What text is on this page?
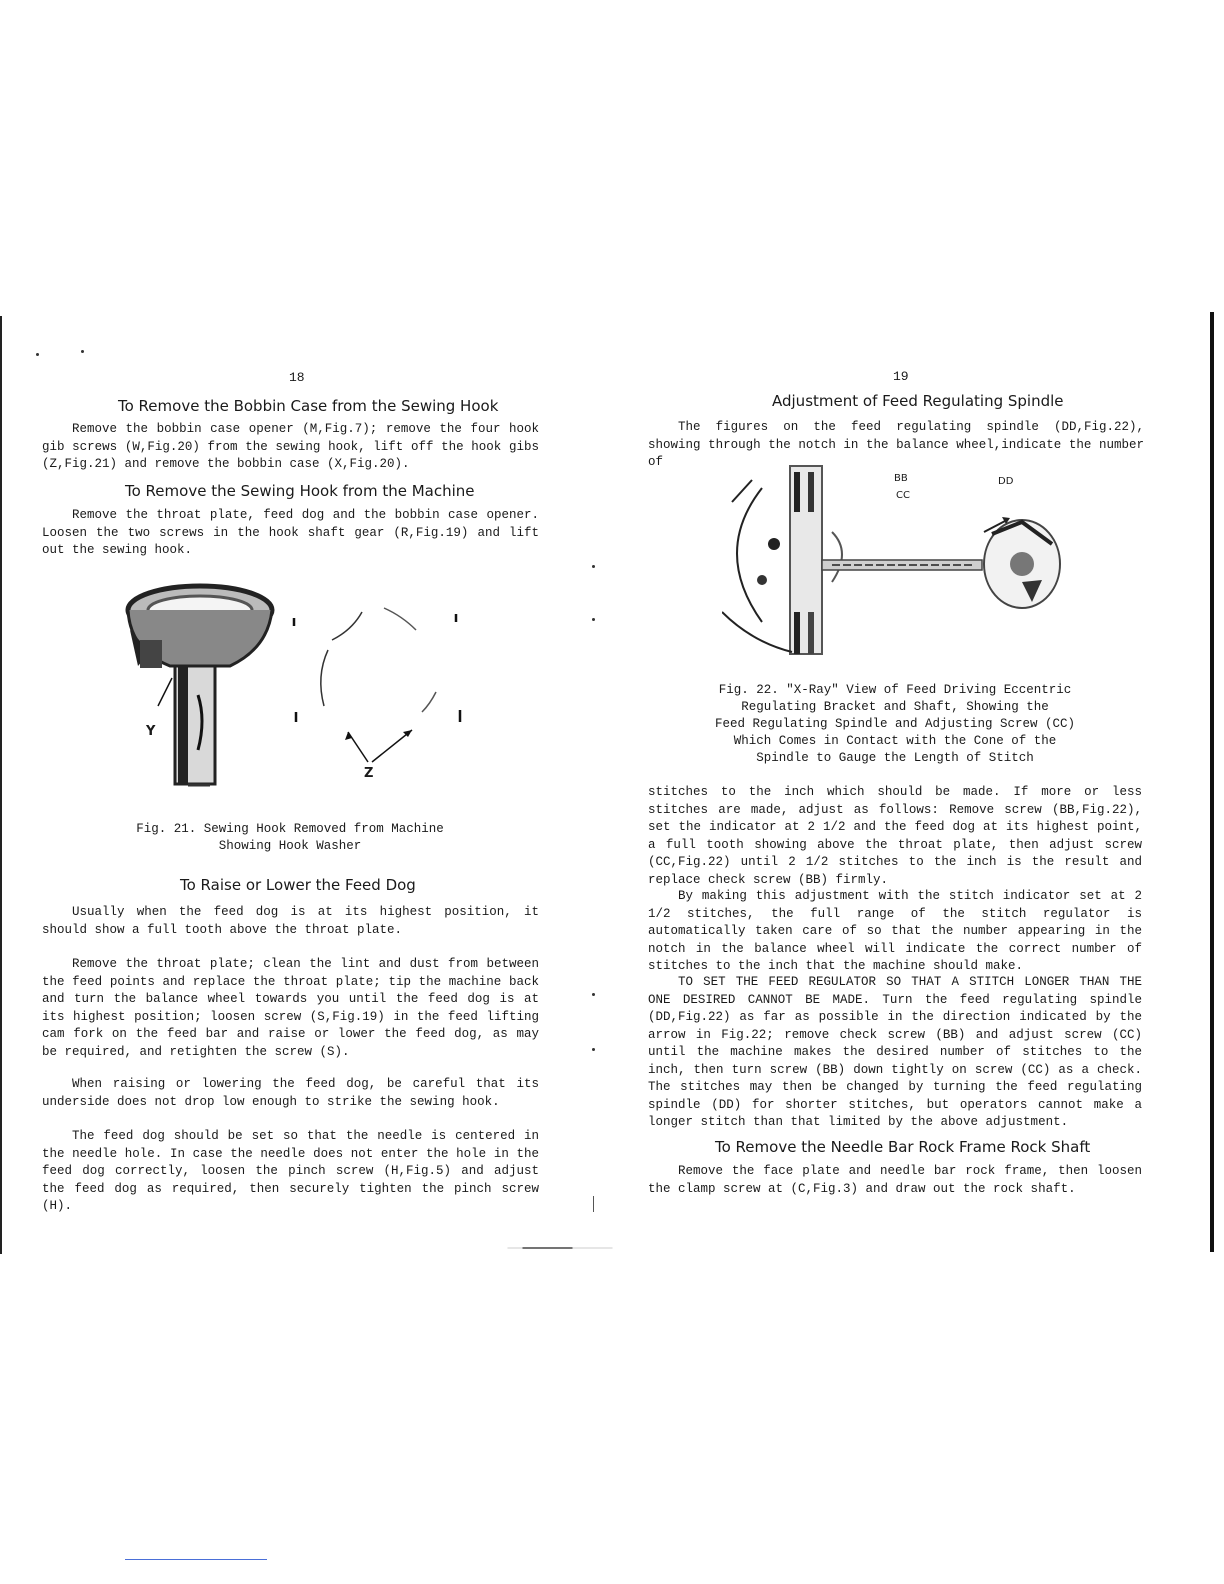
18
To Remove the Bobbin Case from the Sewing Hook

Remove the bobbin case opener (M,Fig.7); remove the four hook gib screws (W,Fig.20) from the sewing hook, lift off the hook gibs (Z,Fig.21) and remove the bobbin case (X,Fig.20).

To Remove the Sewing Hook from the Machine

Remove the throat plate, feed dog and the bobbin case opener. Loosen the two screws in the hook shaft gear (R,Fig.19) and lift out the sewing hook.

Y
Z
Fig. 21. Sewing Hook Removed from Machine
Showing Hook Washer
To Raise or Lower the Feed Dog

Usually when the feed dog is at its highest position, it should show a full tooth above the throat plate.

Remove the throat plate; clean the lint and dust from between the feed points and replace the throat plate; tip the machine back and turn the balance wheel towards you until the feed dog is at its highest position; loosen screw (S,Fig.19) in the feed lifting cam fork on the feed bar and raise or lower the feed dog, as may be required, and retighten the screw (S).

When raising or lowering the feed dog, be careful that its underside does not drop low enough to strike the sewing hook.

The feed dog should be set so that the needle is centered in the needle hole. In case the needle does not enter the hole in the feed dog correctly, loosen the pinch screw (H,Fig.5) and adjust the feed dog as required, then securely tighten the pinch screw (H).

19
Adjustment of Feed Regulating Spindle

The figures on the feed regulating spindle (DD,Fig.22), showing through the notch in the balance wheel,indicate the number of

BB
CC
DD
Fig. 22. "X-Ray" View of Feed Driving Eccentric
Regulating Bracket and Shaft, Showing the
Feed Regulating Spindle and Adjusting Screw (CC)
Which Comes in Contact with the Cone of the
Spindle to Gauge the Length of Stitch

stitches to the inch which should be made. If more or less stitches are made, adjust as follows: Remove screw (BB,Fig.22), set the indicator at 2 1/2 and the feed dog at its highest point, a full tooth showing above the throat plate, then adjust screw (CC,Fig.22) until 2 1/2 stitches to the inch is the result and replace check screw (BB) firmly.

By making this adjustment with the stitch indicator set at 2 1/2 stitches, the full range of the stitch regulator is automatically taken care of so that the number appearing in the notch in the balance wheel will indicate the correct number of stitches to the inch that the machine should make.

TO SET THE FEED REGULATOR SO THAT A STITCH LONGER THAN THE ONE DESIRED CANNOT BE MADE. Turn the feed regulating spindle (DD,Fig.22) as far as possible in the direction indicated by the arrow in Fig.22; remove check screw (BB) and adjust screw (CC) until the machine makes the desired number of stitches to the inch, then turn screw (BB) down tightly on screw (CC) as a check. The stitches may then be changed by turning the feed regulating spindle (DD) for shorter stitches, but operators cannot make a longer stitch than that limited by the above adjustment.

To Remove the Needle Bar Rock Frame Rock Shaft

Remove the face plate and needle bar rock frame, then loosen the clamp screw at (C,Fig.3) and draw out the rock shaft.
